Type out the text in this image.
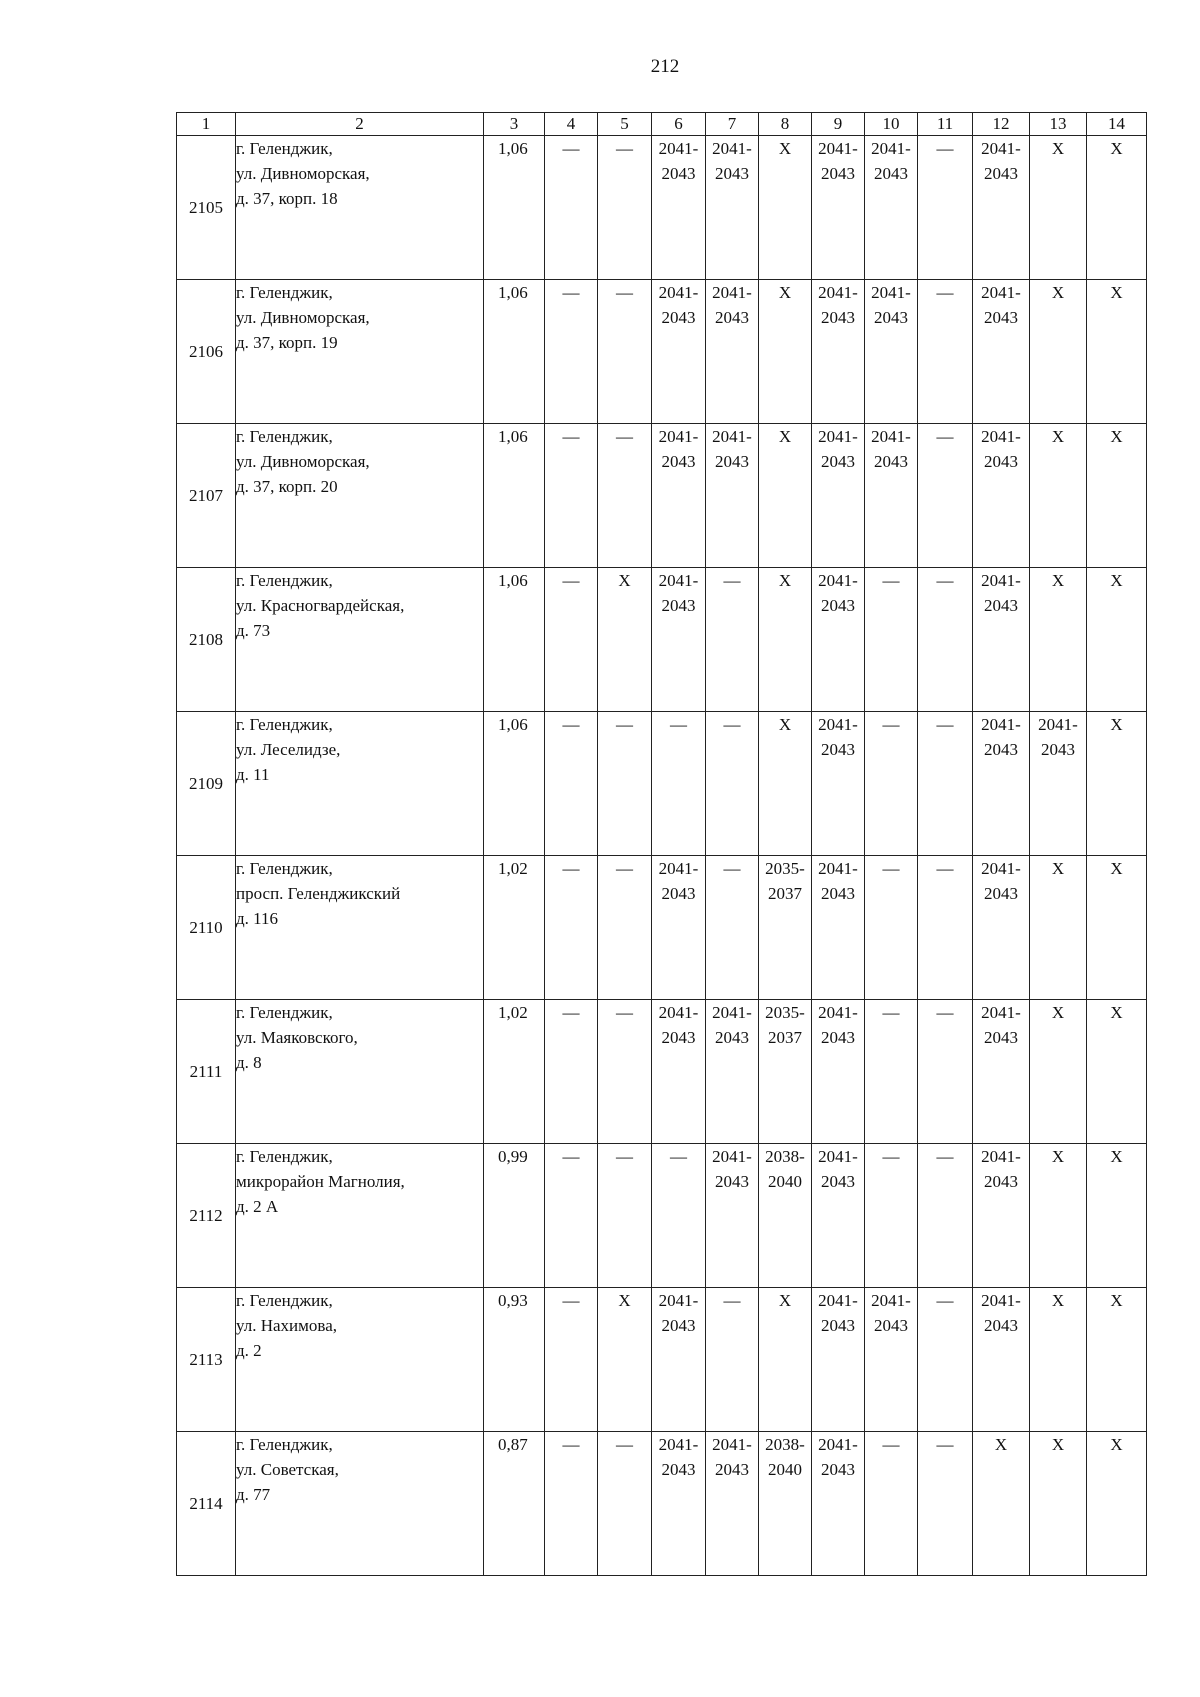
212
1	2	3	4	5	6	7	8	9	10	11	12	13	14
2105	г. Геленджик,
ул. Дивноморская,
д. 37, корп. 18	1,06	—	—	2041-
2043	2041-
2043	X	2041-
2043	2041-
2043	—	2041-
2043	X	X
2106	г. Геленджик,
ул. Дивноморская,
д. 37, корп. 19	1,06	—	—	2041-
2043	2041-
2043	X	2041-
2043	2041-
2043	—	2041-
2043	X	X
2107	г. Геленджик,
ул. Дивноморская,
д. 37, корп. 20	1,06	—	—	2041-
2043	2041-
2043	X	2041-
2043	2041-
2043	—	2041-
2043	X	X
2108	г. Геленджик,
ул. Красногвардейская,
д. 73	1,06	—	X	2041-
2043	—	X	2041-
2043	—	—	2041-
2043	X	X
2109	г. Геленджик,
ул. Леселидзе,
д. 11	1,06	—	—	—	—	X	2041-
2043	—	—	2041-
2043	2041-
2043	X
2110	г. Геленджик,
просп. Геленджикский
д. 116	1,02	—	—	2041-
2043	—	2035-
2037	2041-
2043	—	—	2041-
2043	X	X
2111	г. Геленджик,
ул. Маяковского,
д. 8	1,02	—	—	2041-
2043	2041-
2043	2035-
2037	2041-
2043	—	—	2041-
2043	X	X
2112	г. Геленджик,
микрорайон Магнолия,
д. 2 А	0,99	—	—	—	2041-
2043	2038-
2040	2041-
2043	—	—	2041-
2043	X	X
2113	г. Геленджик,
ул. Нахимова,
д. 2	0,93	—	X	2041-
2043	—	X	2041-
2043	2041-
2043	—	2041-
2043	X	X
2114	г. Геленджик,
ул. Советская,
д. 77	0,87	—	—	2041-
2043	2041-
2043	2038-
2040	2041-
2043	—	—	X	X	X
